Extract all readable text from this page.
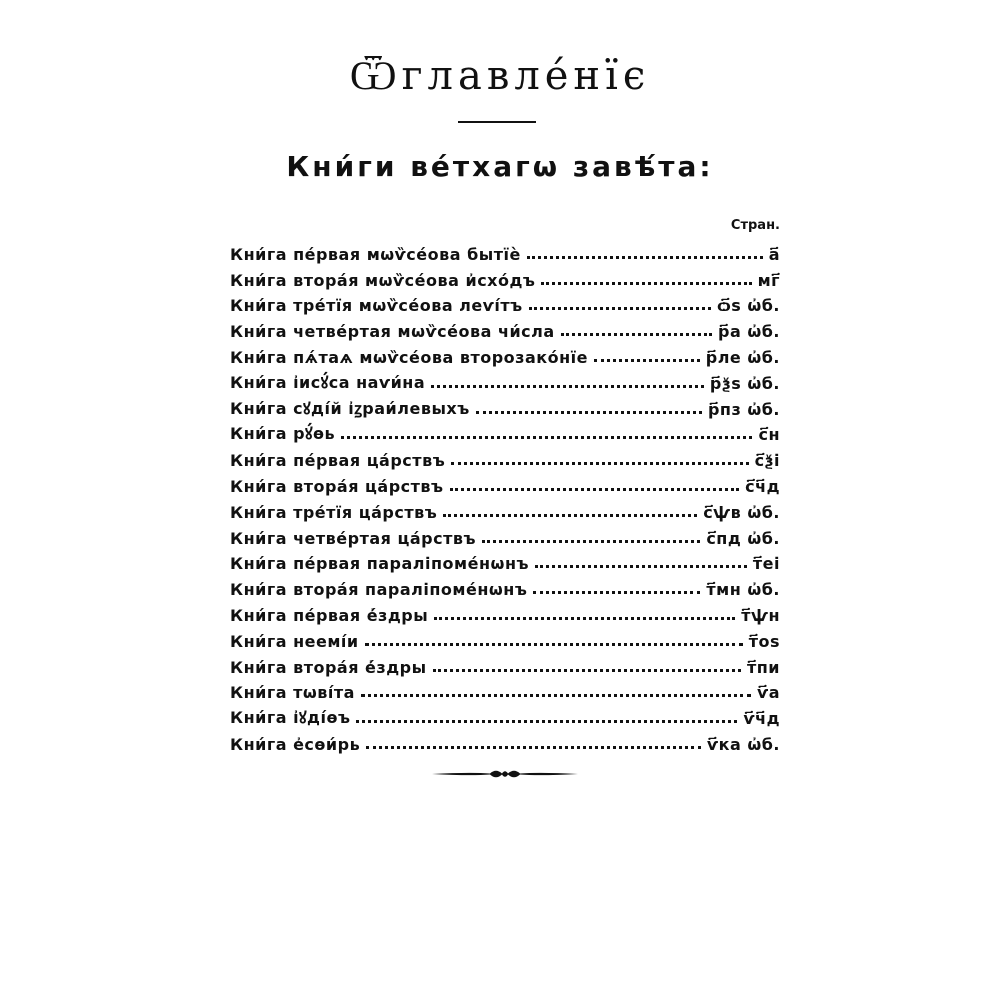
Ѿглавле́нїє
Кни́ги ве́тхагѡ завѣ́та:
Стран.
Кни́га пе́рвая мѡѷсе́ова бытїѐ	а҃
Кни́га втора́я мѡѷсе́ова и҆схо́дъ	мг҃
Кни́га тре́тїя мѡѷсе́ова леѵі́тъ	ѻ҃ѕ ѡ҆б.
Кни́га четве́ртая мѡѷсе́ова чи́сла	р҃а ѡ҆б.
Кни́га пѧ́таѧ мѡѷсе́ова второзако́нїе	р҃ле ѡ҆б.
Кни́га і҆исꙋ́са наѵи́на	р҃ѯѕ ѡ҆б.
Кни́га сꙋді́й і҆ꙁраи́левыхъ	р҃пз ѡ҆б.
Кни́га рꙋ́ѳь	с҃н
Кни́га пе́рвая ца́рствъ	с҃ѯі
Кни́га втора́я ца́рствъ	с҃ч҃д
Кни́га тре́тїя ца́рствъ	с҃ѱв ѡ҆б.
Кни́га четве́ртая ца́рствъ	с҃пд ѡ҆б.
Кни́га пе́рвая параліпоме́нѡнъ	т҃еі
Кни́га втора́я параліпоме́нѡнъ	т҃мн ѡ҆б.
Кни́га пе́рвая е҆́здры	т҃ѱн
Кни́га неемі́и	т҃оѕ
Кни́га втора́я е҆́здры	т҃пи
Кни́га тѡві́та	ѵ҃а
Кни́га і҆ꙋді́ѳъ	ѵ҃ч҃д
Кни́га е҆сѳи́рь	ѵ҃ка ѡ҆б.
